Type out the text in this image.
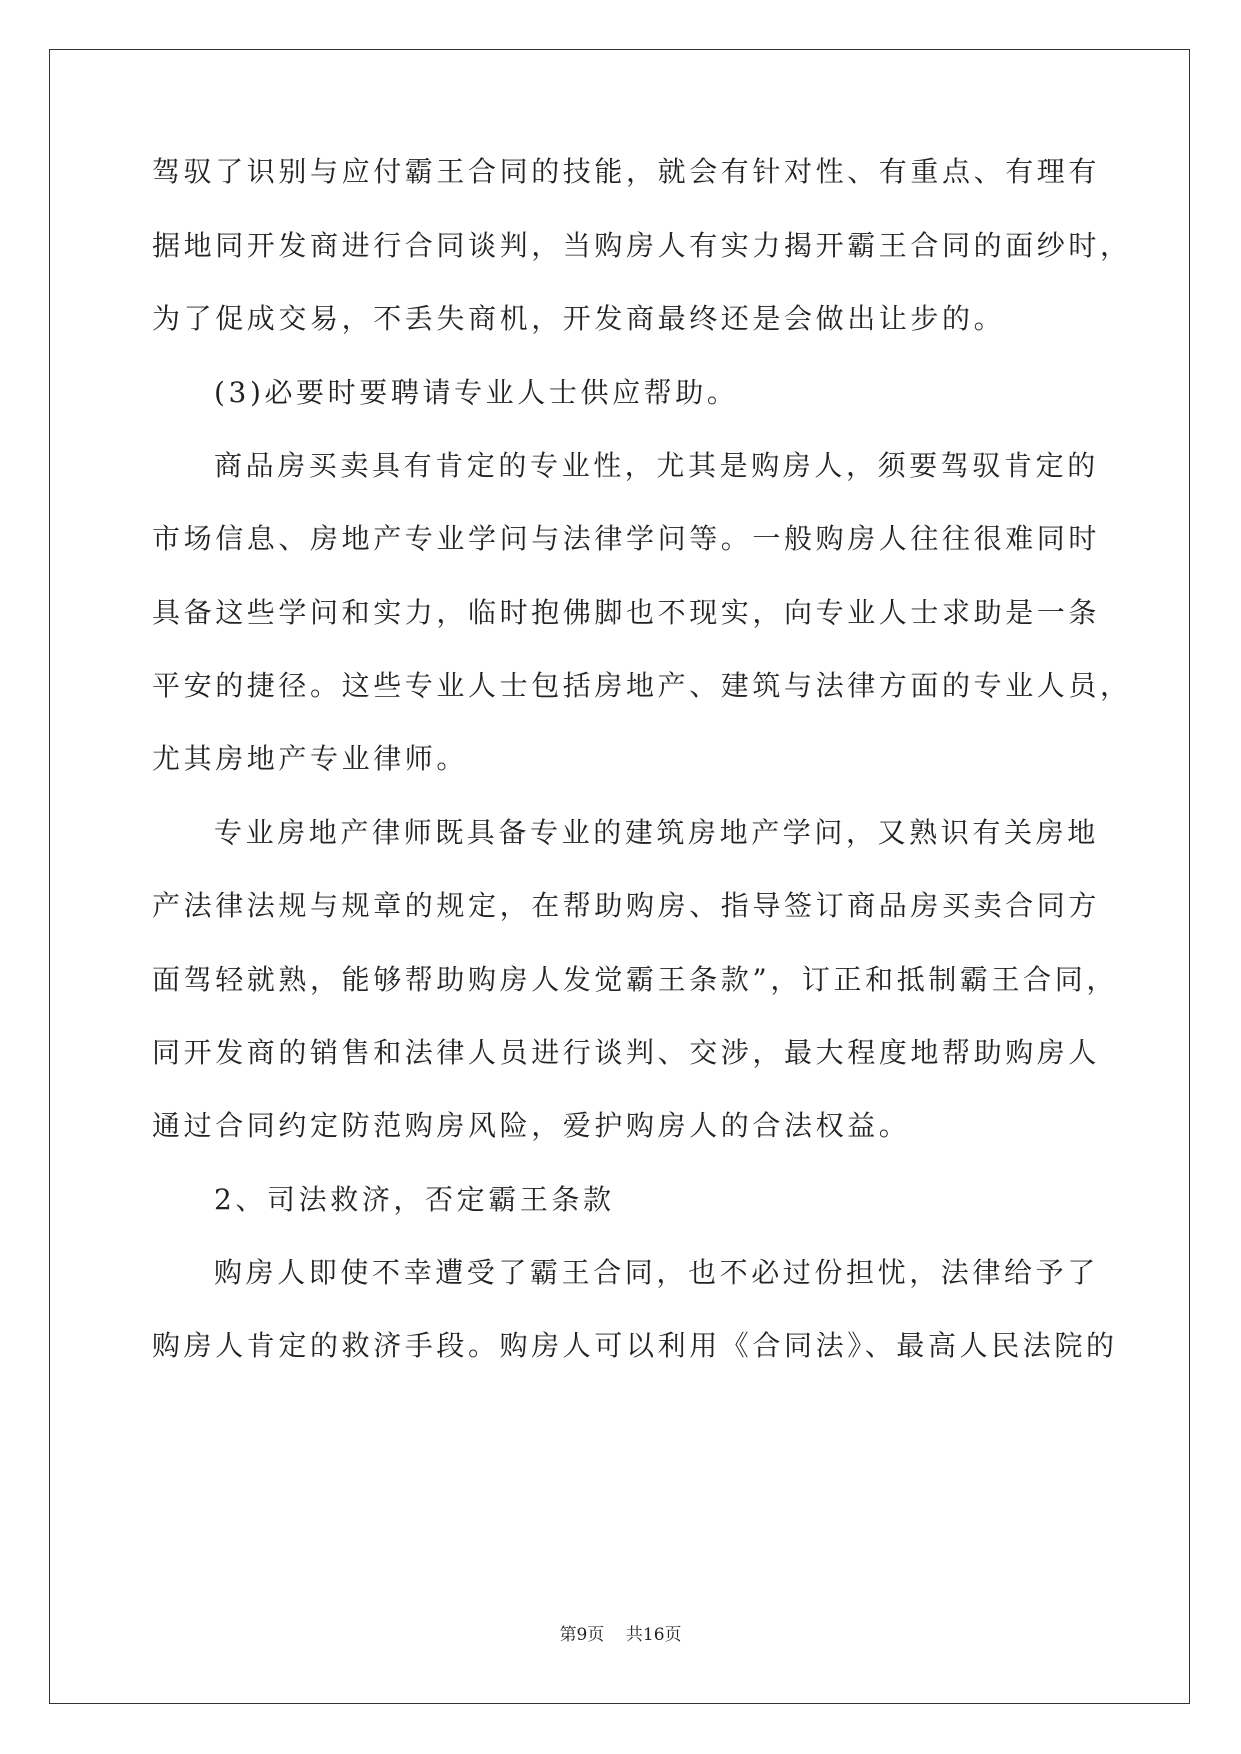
驾驭了识别与应付霸王合同的技能，就会有针对性、有重点、有理有
据地同开发商进行合同谈判，当购房人有实力揭开霸王合同的面纱时，
为了促成交易，不丢失商机，开发商最终还是会做出让步的。
(3)必要时要聘请专业人士供应帮助。
商品房买卖具有肯定的专业性，尤其是购房人，须要驾驭肯定的
市场信息、房地产专业学问与法律学问等。一般购房人往往很难同时
具备这些学问和实力，临时抱佛脚也不现实，向专业人士求助是一条
平安的捷径。这些专业人士包括房地产、建筑与法律方面的专业人员，
尤其房地产专业律师。
专业房地产律师既具备专业的建筑房地产学问，又熟识有关房地
产法律法规与规章的规定，在帮助购房、指导签订商品房买卖合同方
面驾轻就熟，能够帮助购房人发觉霸王条款”，订正和抵制霸王合同，
同开发商的销售和法律人员进行谈判、交涉，最大程度地帮助购房人
通过合同约定防范购房风险，爱护购房人的合法权益。
2、司法救济，否定霸王条款
购房人即使不幸遭受了霸王合同，也不必过份担忧，法律给予了
购房人肯定的救济手段。购房人可以利用《合同法》、最高人民法院的
第9页 共16页
